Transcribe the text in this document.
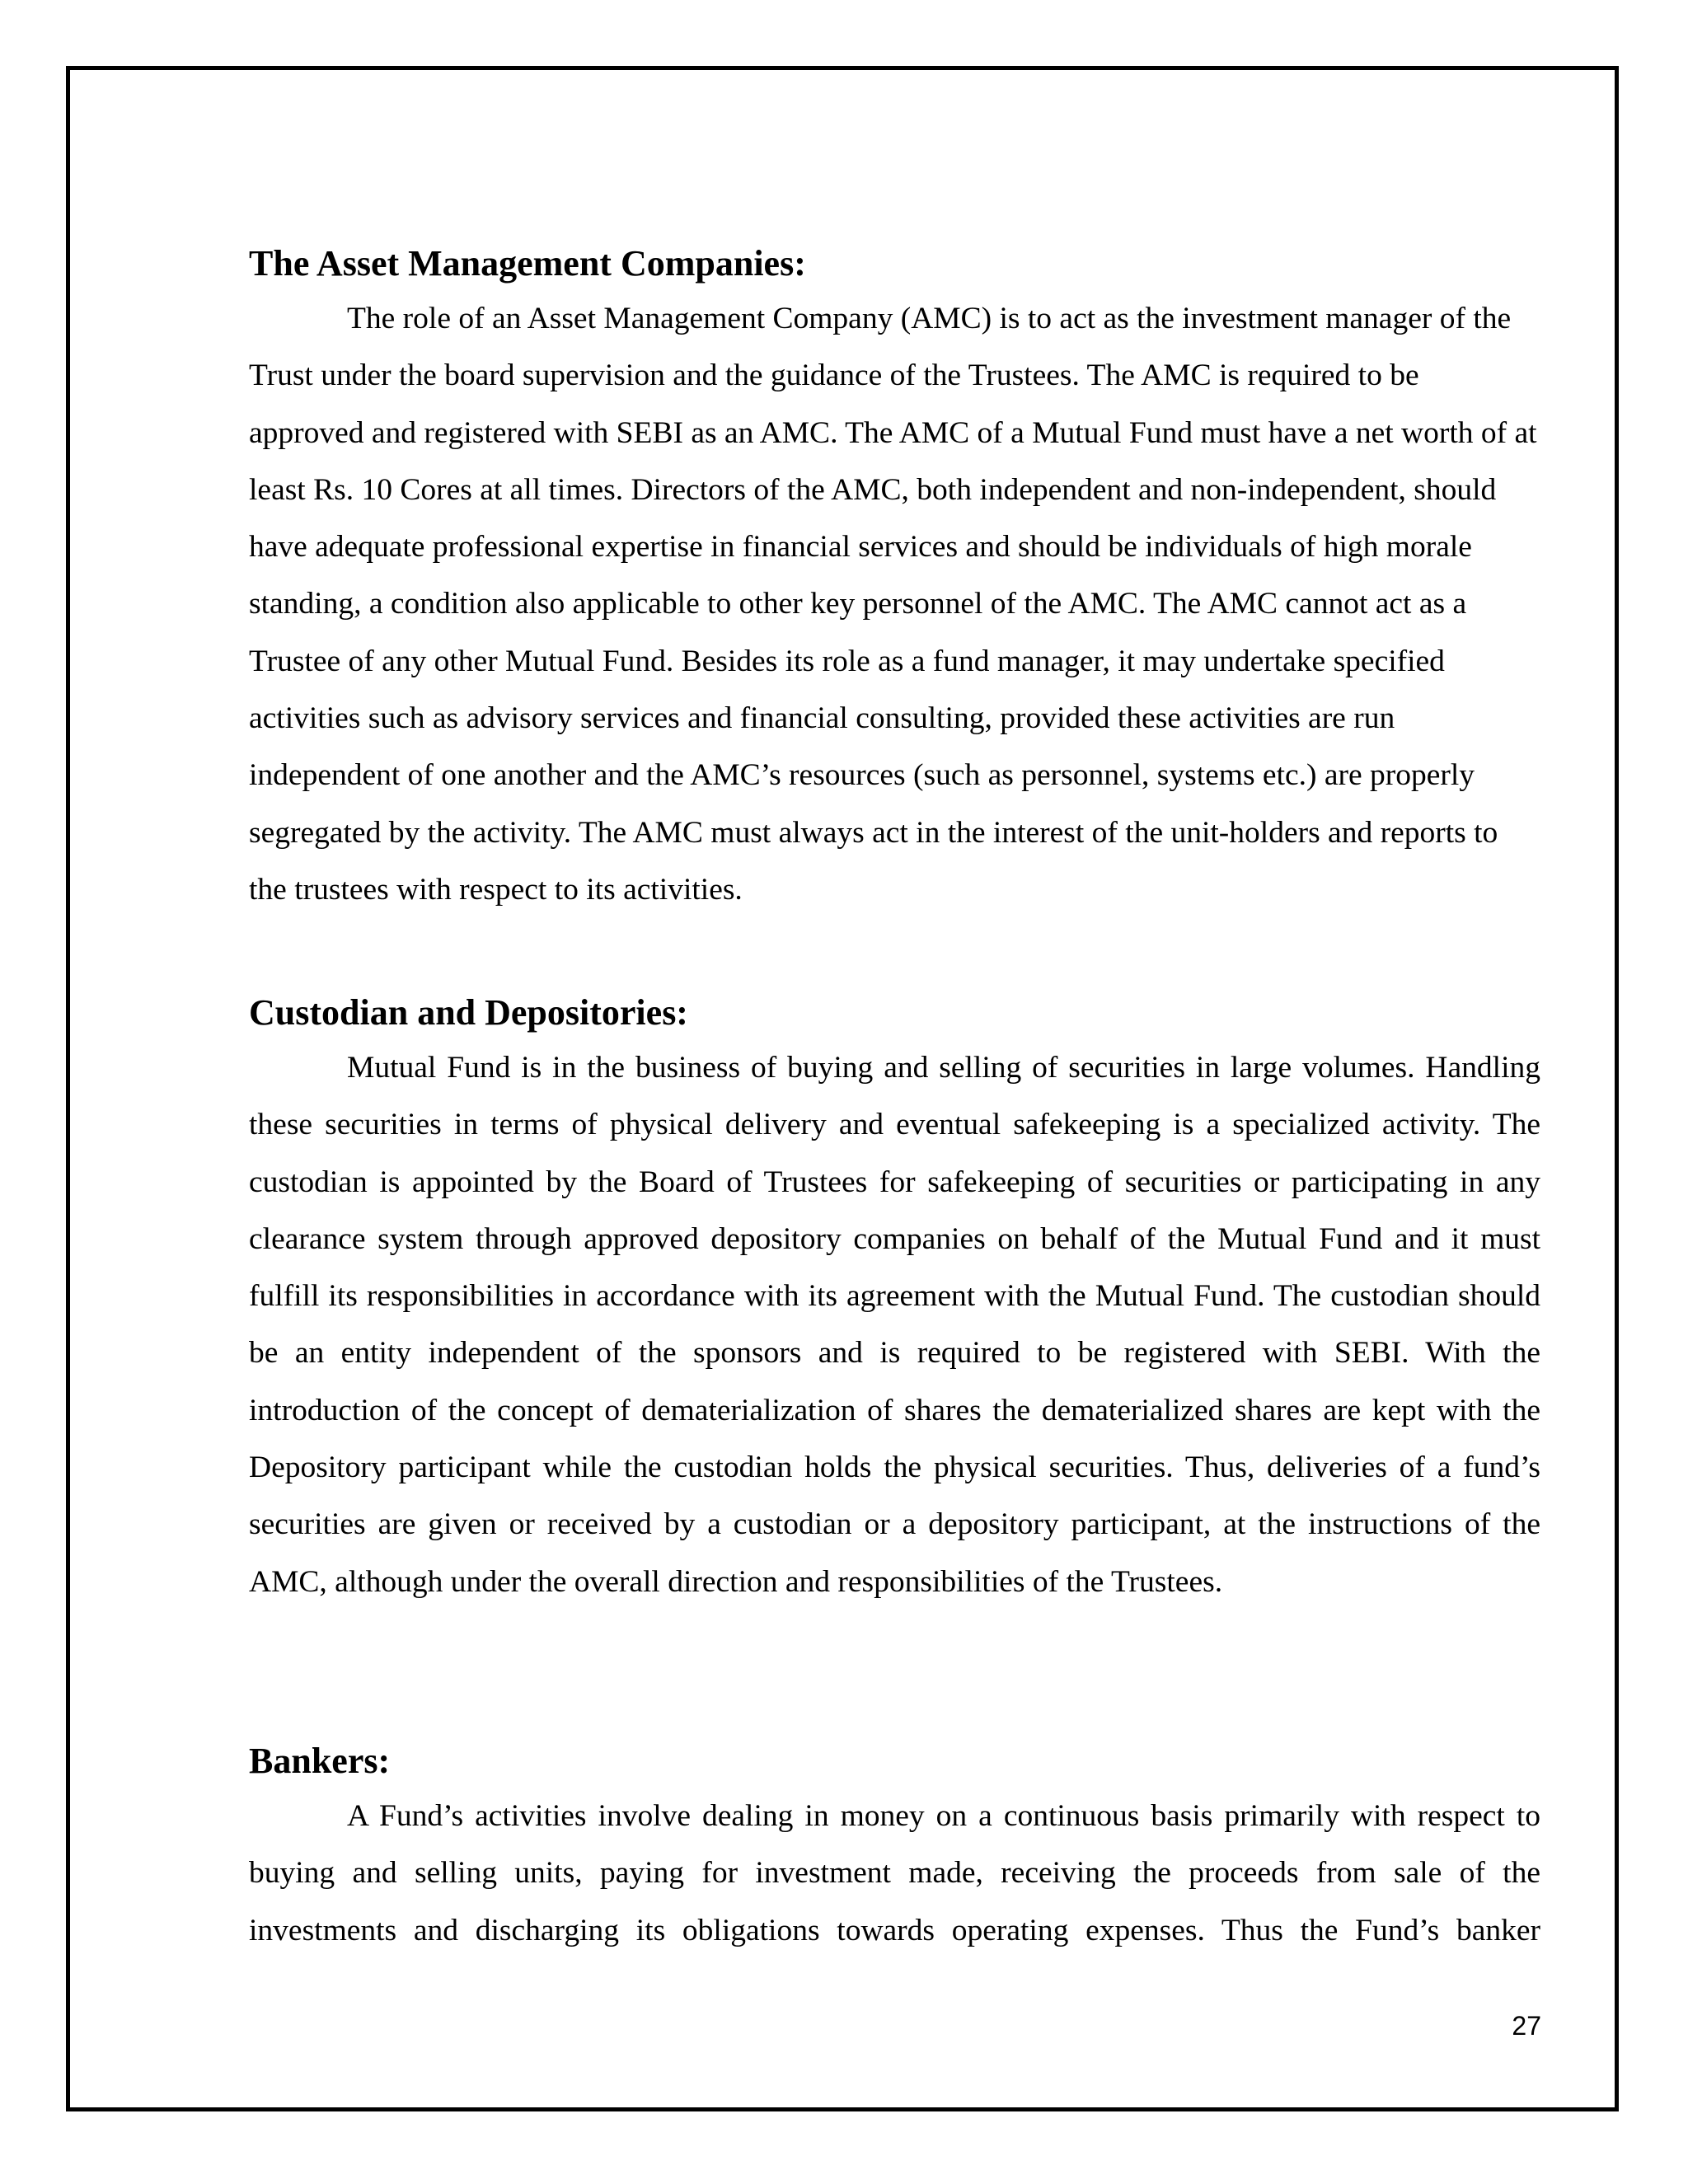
The Asset Management Companies:

The role of an Asset Management Company (AMC) is to act as the investment manager of the Trust under the board supervision and the guidance of the Trustees. The AMC is required to be approved and registered with SEBI as an AMC. The AMC of a Mutual Fund must have a net worth of at least Rs. 10 Cores at all times. Directors of the AMC, both independent and non-independent, should have adequate professional expertise in financial services and should be individuals of high morale standing, a condition also applicable to other key personnel of the AMC. The AMC cannot act as a Trustee of any other Mutual Fund. Besides its role as a fund manager, it may undertake specified activities such as advisory services and financial consulting, provided these activities are run independent of one another and the AMC’s resources (such as personnel, systems etc.) are properly segregated by the activity. The AMC must always act in the interest of the unit-holders and reports to the trustees with respect to its activities.

Custodian and Depositories:

Mutual Fund is in the business of buying and selling of securities in large volumes. Handling these securities in terms of physical delivery and eventual safekeeping is a specialized activity. The custodian is appointed by the Board of Trustees for safekeeping of securities or participating in any clearance system through approved depository companies on behalf of the Mutual Fund and it must fulfill its responsibilities in accordance with its agreement with the Mutual Fund. The custodian should be an entity independent of the sponsors and is required to be registered with SEBI. With the introduction of the concept of dematerialization of shares the dematerialized shares are kept with the Depository participant while the custodian holds the physical securities. Thus, deliveries of a fund’s securities are given or received by a custodian or a depository participant, at the instructions of the AMC, although under the overall direction and responsibilities of the Trustees.

Bankers:

A Fund’s activities involve dealing in money on a continuous basis primarily with respect to buying and selling units, paying for investment made, receiving the proceeds from sale of the investments and discharging its obligations towards operating expenses. Thus the Fund’s banker

27
